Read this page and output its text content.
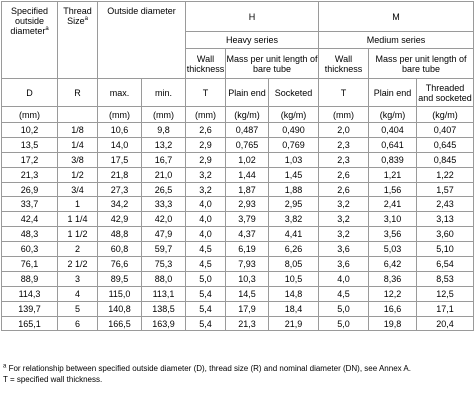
Specified outside diameter$^a$	Thread Size$^a$	Outside diameter		H			M		
				Heavy series			Medium series		
				Wall thickness	Mass per unit length of bare tube		Wall thickness	Mass per unit length of bare tube	
D	R	max.	min.	T	Plain end	Socketed	T	Plain end	Threaded and socketed
(mm)		(mm)	(mm)	(mm)	(kg/m)	(kg/m)	(mm)	(kg/m)	(kg/m)
10,2	1/8	10,6	9,8	2,6	0,487	0,490	2,0	0,404	0,407
13,5	1/4	14,0	13,2	2,9	0,765	0,769	2,3	0,641	0,645
17,2	3/8	17,5	16,7	2,9	1,02	1,03	2,3	0,839	0,845
21,3	1/2	21,8	21,0	3,2	1,44	1,45	2,6	1,21	1,22
26,9	3/4	27,3	26,5	3,2	1,87	1,88	2,6	1,56	1,57
33,7	1	34,2	33,3	4,0	2,93	2,95	3,2	2,41	2,43
42,4	1 1/4	42,9	42,0	4,0	3,79	3,82	3,2	3,10	3,13
48,3	1 1/2	48,8	47,9	4,0	4,37	4,41	3,2	3,56	3,60
60,3	2	60,8	59,7	4,5	6,19	6,26	3,6	5,03	5,10
76,1	2 1/2	76,6	75,3	4,5	7,93	8,05	3,6	6,42	6,54
88,9	3	89,5	88,0	5,0	10,3	10,5	4,0	8,36	8,53
114,3	4	115,0	113,1	5,4	14,5	14,8	4,5	12,2	12,5
139,7	5	140,8	138,5	5,4	17,9	18,4	5,0	16,6	17,1
165,1	6	166,5	163,9	5,4	21,3	21,9	5,0	19,8	20,4
$^a$ For relationship between specified outside diameter (D), thread size (R) and nominal diameter (DN), see Annex A.
T = specified wall thickness.
